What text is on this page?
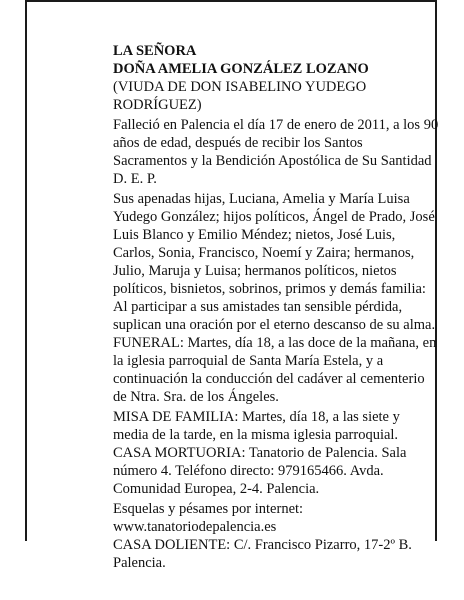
LA SEÑORA
DOÑA AMELIA GONZÁLEZ LOZANO
(VIUDA DE DON ISABELINO YUDEGO
RODRÍGUEZ)
Falleció en Palencia el día 17 de enero de 2011, a los 90
años de edad, después de recibir los Santos
Sacramentos y la Bendición Apostólica de Su Santidad
D. E. P.
Sus apenadas hijas, Luciana, Amelia y María Luisa
Yudego González; hijos políticos, Ángel de Prado, José
Luis Blanco y Emilio Méndez; nietos, José Luis,
Carlos, Sonia, Francisco, Noemí y Zaira; hermanos,
Julio, Maruja y Luisa; hermanos políticos, nietos
políticos, bisnietos, sobrinos, primos y demás familia:
Al participar a sus amistades tan sensible pérdida,
suplican una oración por el eterno descanso de su alma.
FUNERAL: Martes, día 18, a las doce de la mañana, en
la iglesia parroquial de Santa María Estela, y a
continuación la conducción del cadáver al cementerio
de Ntra. Sra. de los Ángeles.
MISA DE FAMILIA: Martes, día 18, a las siete y
media de la tarde, en la misma iglesia parroquial.
CASA MORTUORIA: Tanatorio de Palencia. Sala
número 4. Teléfono directo: 979165466. Avda.
Comunidad Europea, 2-4. Palencia.
Esquelas y pésames por internet:
www.tanatoriodepalencia.es
CASA DOLIENTE: C/. Francisco Pizarro, 17-2º B.
Palencia.
